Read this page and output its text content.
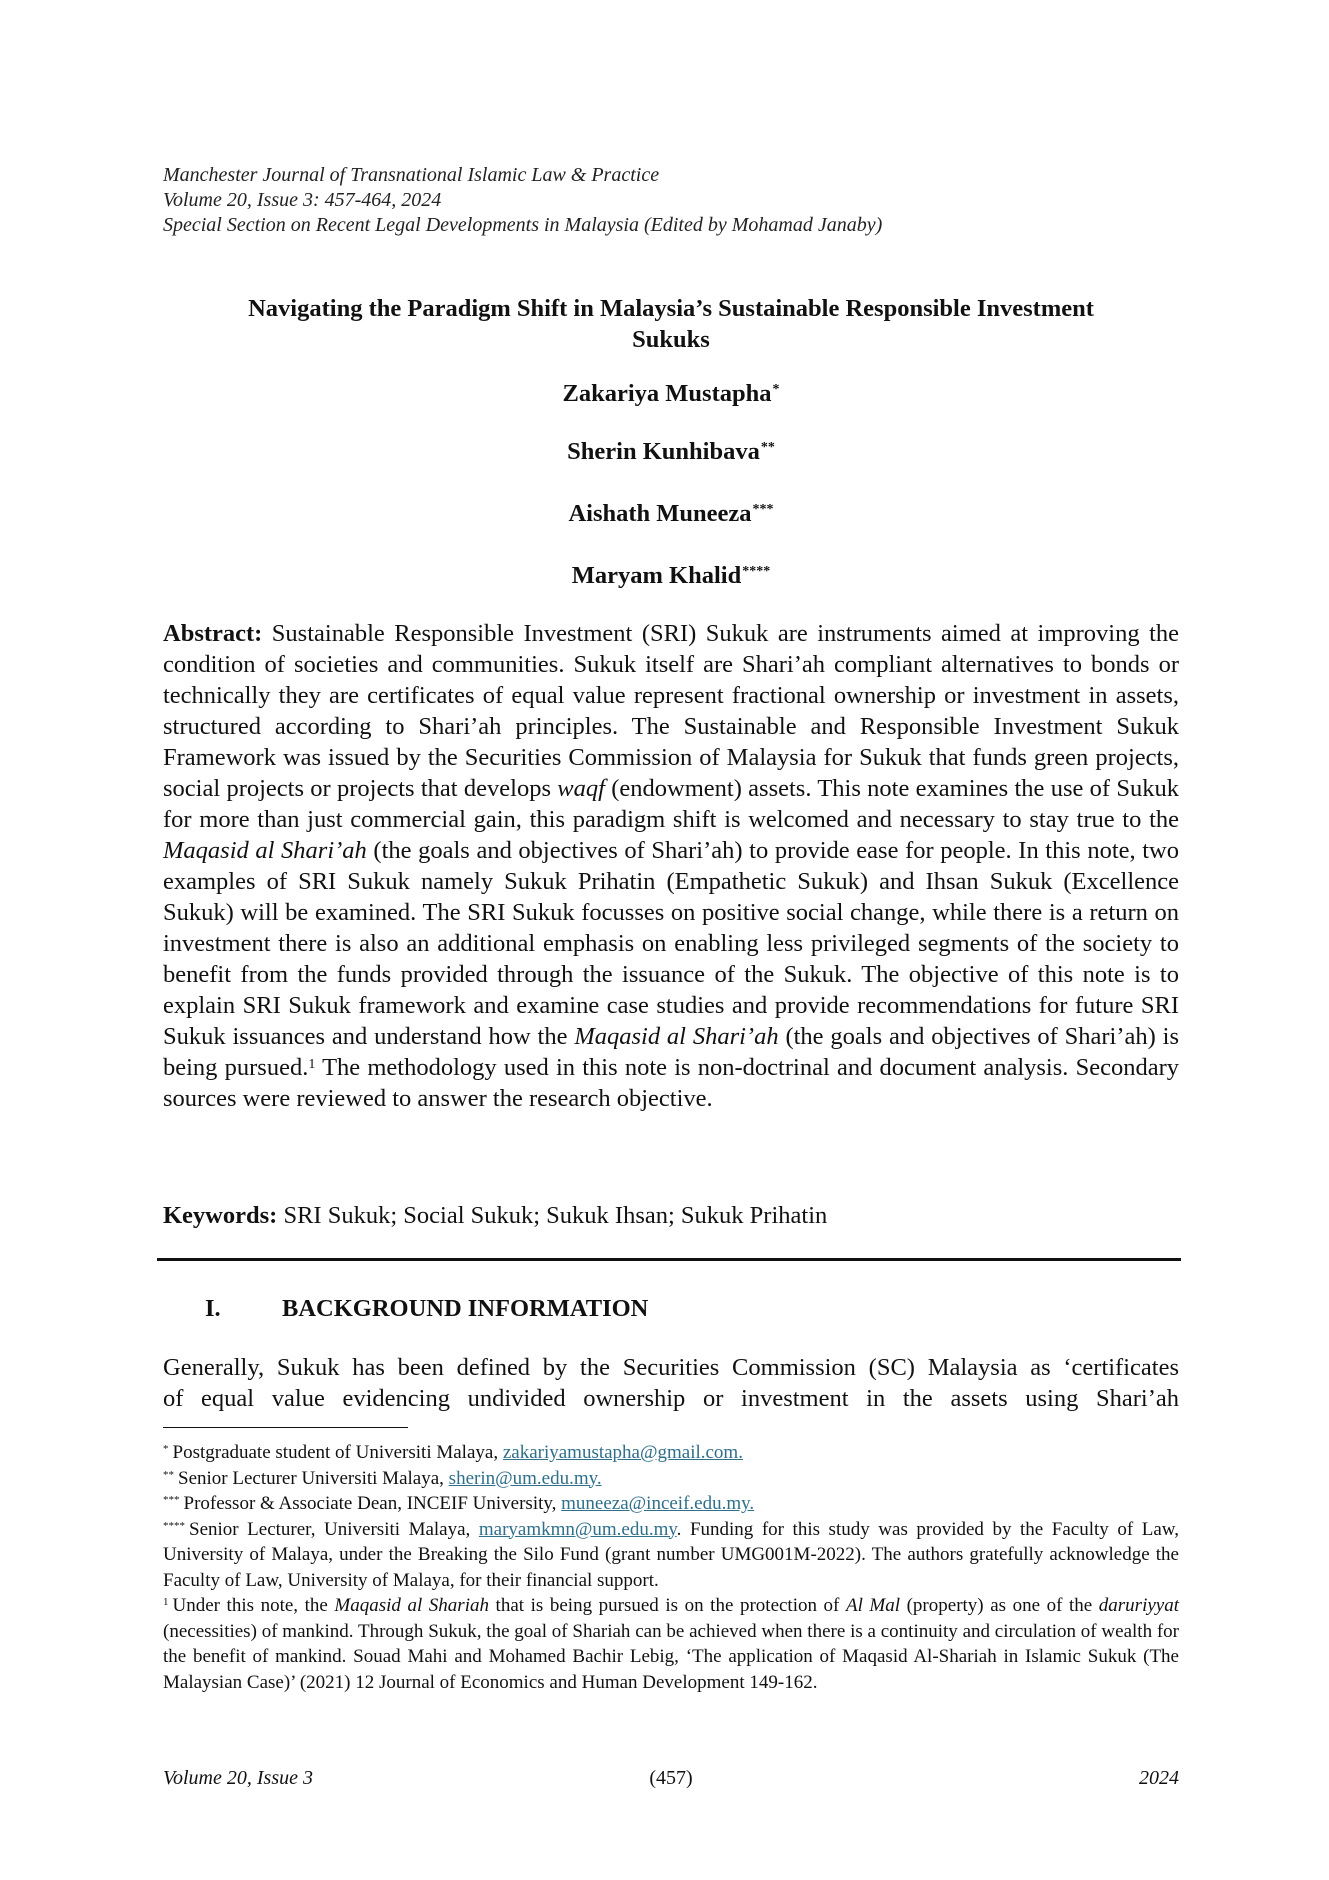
Manchester Journal of Transnational Islamic Law & Practice
Volume 20, Issue 3: 457-464, 2024
Special Section on Recent Legal Developments in Malaysia (Edited by Mohamad Janaby)
Navigating the Paradigm Shift in Malaysia’s Sustainable Responsible Investment
Sukuks
Zakariya Mustapha*
Sherin Kunhibava**
Aishath Muneeza***
Maryam Khalid****
Abstract: Sustainable Responsible Investment (SRI) Sukuk are instruments aimed at improving the condition of societies and communities. Sukuk itself are Shari’ah compliant alternatives to bonds or technically they are certificates of equal value represent fractional ownership or investment in assets, structured according to Shari’ah principles. The Sustainable and Responsible Investment Sukuk Framework was issued by the Securities Commission of Malaysia for Sukuk that funds green projects, social projects or projects that develops waqf (endowment) assets. This note examines the use of Sukuk for more than just commercial gain, this paradigm shift is welcomed and necessary to stay true to the Maqasid al Shari’ah (the goals and objectives of Shari’ah) to provide ease for people. In this note, two examples of SRI Sukuk namely Sukuk Prihatin (Empathetic Sukuk) and Ihsan Sukuk (Excellence Sukuk) will be examined. The SRI Sukuk focusses on positive social change, while there is a return on investment there is also an additional emphasis on enabling less privileged segments of the society to benefit from the funds provided through the issuance of the Sukuk. The objective of this note is to explain SRI Sukuk framework and examine case studies and provide recommendations for future SRI Sukuk issuances and understand how the Maqasid al Shari’ah (the goals and objectives of Shari’ah) is being pursued.$^1$ The methodology used in this note is non-doctrinal and document analysis. Secondary sources were reviewed to answer the research objective.
Keywords: SRI Sukuk; Social Sukuk; Sukuk Ihsan; Sukuk Prihatin
I.	BACKGROUND INFORMATION
Generally, Sukuk has been defined by the Securities Commission (SC) Malaysia as ‘certificates
of equal value evidencing undivided ownership or investment in the assets using Shari’ah
* Postgraduate student of Universiti Malaya, zakariyamustapha@gmail.com.
** Senior Lecturer Universiti Malaya, sherin@um.edu.my.
*** Professor & Associate Dean, INCEIF University, muneeza@inceif.edu.my.
**** Senior Lecturer, Universiti Malaya, maryamkmn@um.edu.my. Funding for this study was provided by the Faculty of Law, University of Malaya, under the Breaking the Silo Fund (grant number UMG001M-2022). The authors gratefully acknowledge the Faculty of Law, University of Malaya, for their financial support.
$^1$ Under this note, the Maqasid al Shariah that is being pursued is on the protection of Al Mal (property) as one of the daruriyyat (necessities) of mankind. Through Sukuk, the goal of Shariah can be achieved when there is a continuity and circulation of wealth for the benefit of mankind. Souad Mahi and Mohamed Bachir Lebig, ‘The application of Maqasid Al-Shariah in Islamic Sukuk (The Malaysian Case)’ (2021) 12 Journal of Economics and Human Development 149-162.
Volume 20, Issue 3	(457)	2024
